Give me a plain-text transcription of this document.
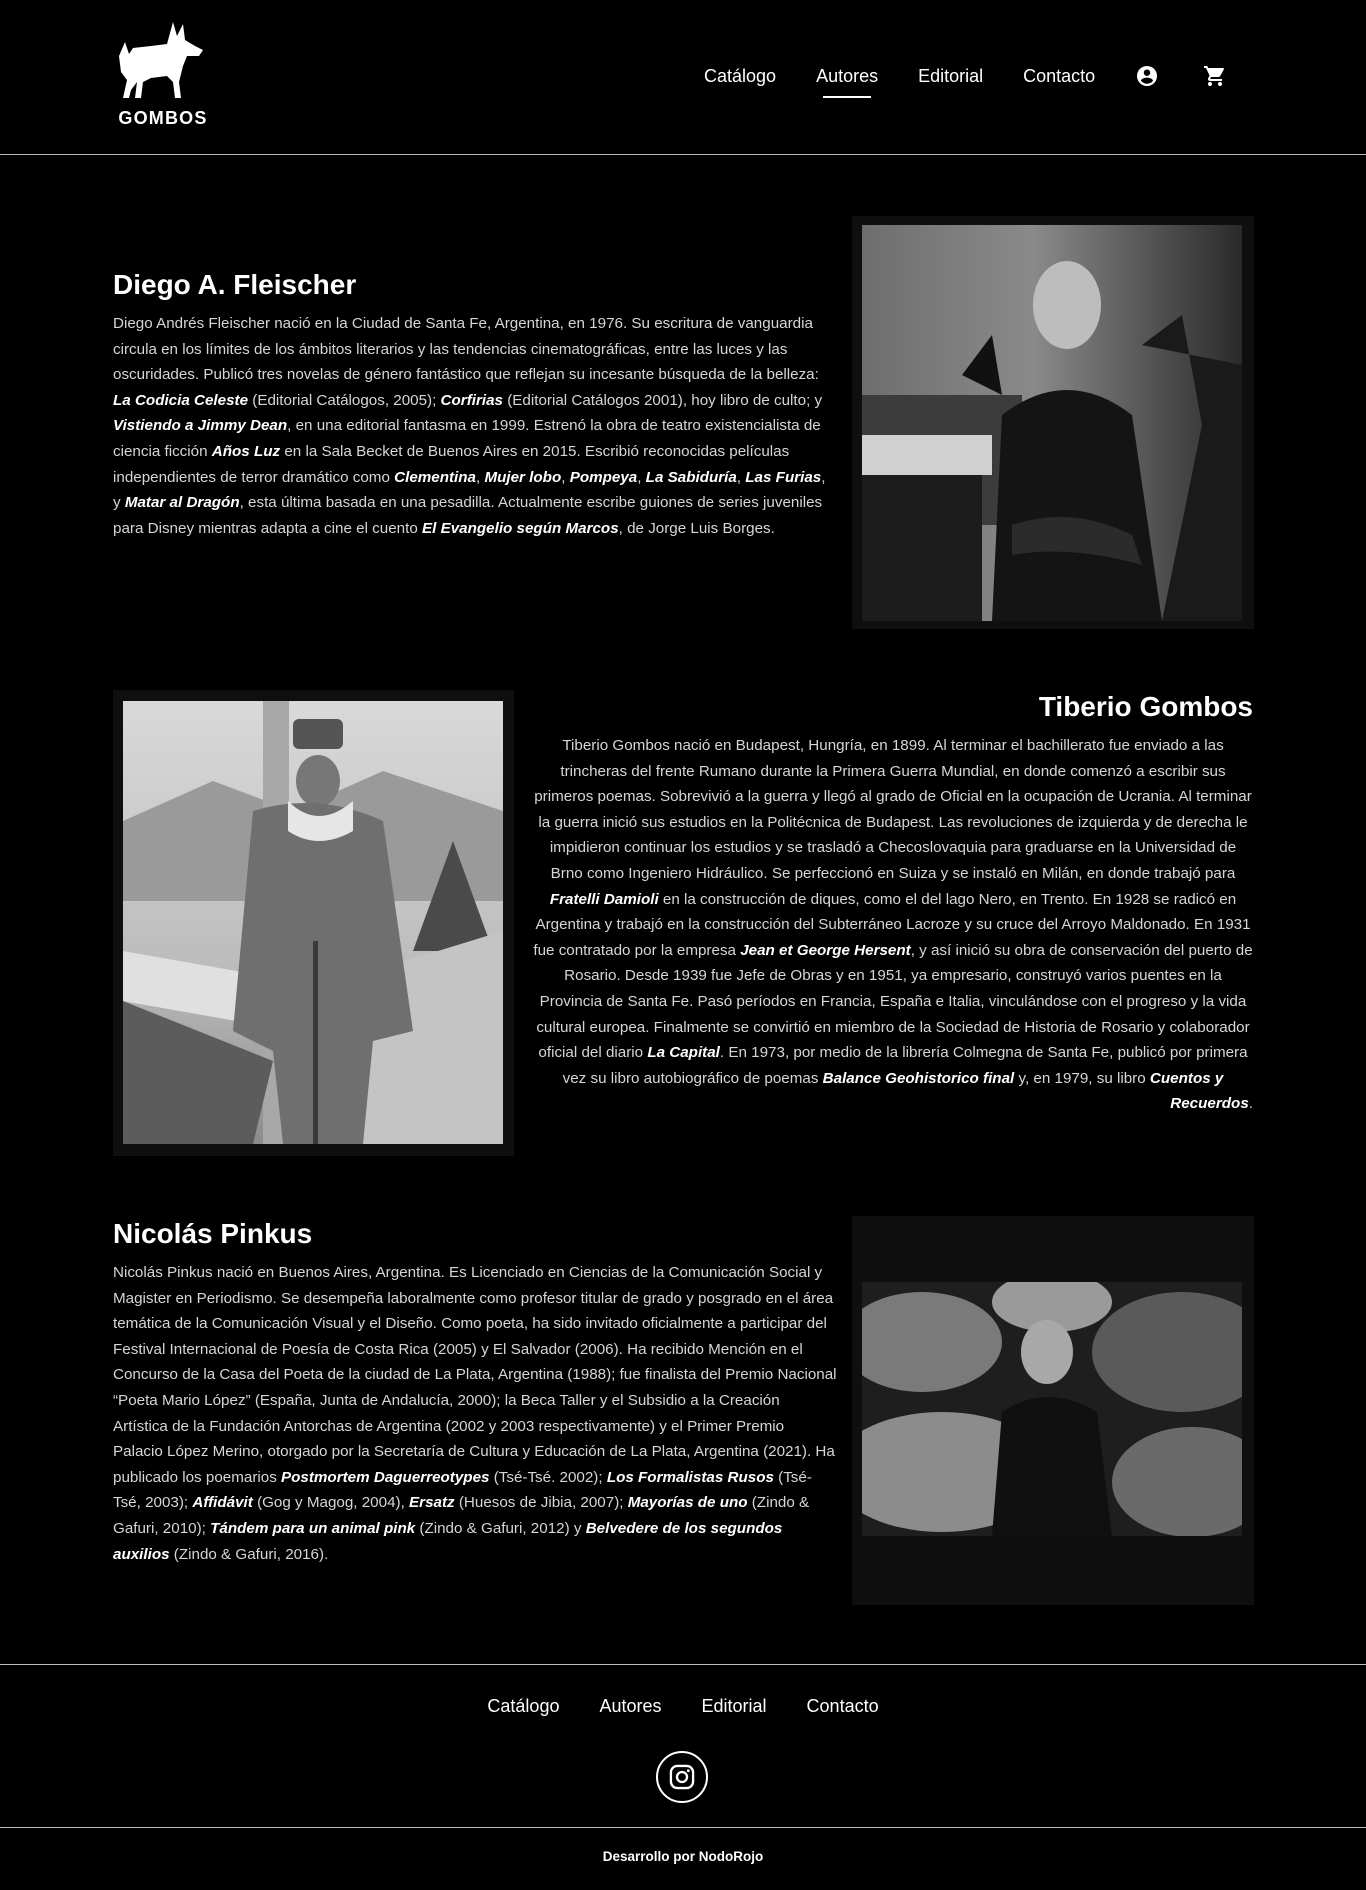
GOMBOS
Catálogo Autores Editorial Contacto
Diego A. Fleischer

Diego Andrés Fleischer nació en la Ciudad de Santa Fe, Argentina, en 1976. Su escritura de vanguardia circula en los límites de los ámbitos literarios y las tendencias cinematográficas, entre las luces y las oscuridades. Publicó tres novelas de género fantástico que reflejan su incesante búsqueda de la belleza: La Codicia Celeste (Editorial Catálogos, 2005); Corfirias (Editorial Catálogos 2001), hoy libro de culto; y Vistiendo a Jimmy Dean, en una editorial fantasma en 1999. Estrenó la obra de teatro existencialista de ciencia ficción Años Luz en la Sala Becket de Buenos Aires en 2015. Escribió reconocidas películas independientes de terror dramático como Clementina, Mujer lobo, Pompeya, La Sabiduría, Las Furias, y Matar al Dragón, esta última basada en una pesadilla. Actualmente escribe guiones de series juveniles para Disney mientras adapta a cine el cuento El Evangelio según Marcos, de Jorge Luis Borges.

Tiberio Gombos

Tiberio Gombos nació en Budapest, Hungría, en 1899. Al terminar el bachillerato fue enviado a las trincheras del frente Rumano durante la Primera Guerra Mundial, en donde comenzó a escribir sus primeros poemas. Sobrevivió a la guerra y llegó al grado de Oficial en la ocupación de Ucrania. Al terminar la guerra inició sus estudios en la Politécnica de Budapest. Las revoluciones de izquierda y de derecha le impidieron continuar los estudios y se trasladó a Checoslovaquia para graduarse en la Universidad de Brno como Ingeniero Hidráulico. Se perfeccionó en Suiza y se instaló en Milán, en donde trabajó para Fratelli Damioli en la construcción de diques, como el del lago Nero, en Trento. En 1928 se radicó en Argentina y trabajó en la construcción del Subterráneo Lacroze y su cruce del Arroyo Maldonado. En 1931 fue contratado por la empresa Jean et George Hersent, y así inició su obra de conservación del puerto de Rosario. Desde 1939 fue Jefe de Obras y en 1951, ya empresario, construyó varios puentes en la Provincia de Santa Fe. Pasó períodos en Francia, España e Italia, vinculándose con el progreso y la vida cultural europea. Finalmente se convirtió en miembro de la Sociedad de Historia de Rosario y colaborador oficial del diario La Capital. En 1973, por medio de la librería Colmegna de Santa Fe, publicó por primera vez su libro autobiográfico de poemas Balance Geohistorico final y, en 1979, su libro Cuentos y Recuerdos.

Nicolás Pinkus

Nicolás Pinkus nació en Buenos Aires, Argentina. Es Licenciado en Ciencias de la Comunicación Social y Magister en Periodismo. Se desempeña laboralmente como profesor titular de grado y posgrado en el área temática de la Comunicación Visual y el Diseño. Como poeta, ha sido invitado oficialmente a participar del Festival Internacional de Poesía de Costa Rica (2005) y El Salvador (2006). Ha recibido Mención en el Concurso de la Casa del Poeta de la ciudad de La Plata, Argentina (1988); fue finalista del Premio Nacional “Poeta Mario López” (España, Junta de Andalucía, 2000); la Beca Taller y el Subsidio a la Creación Artística de la Fundación Antorchas de Argentina (2002 y 2003 respectivamente) y el Primer Premio Palacio López Merino, otorgado por la Secretaría de Cultura y Educación de La Plata, Argentina (2021). Ha publicado los poemarios Postmortem Daguerreotypes (Tsé-Tsé. 2002); Los Formalistas Rusos (Tsé-Tsé, 2003); Affidávit (Gog y Magog, 2004), Ersatz (Huesos de Jibia, 2007); Mayorías de uno (Zindo & Gafuri, 2010); Tándem para un animal pink (Zindo & Gafuri, 2012) y Belvedere de los segundos auxilios (Zindo & Gafuri, 2016).

Catálogo Autores Editorial Contacto
Desarrollo por NodoRojo
